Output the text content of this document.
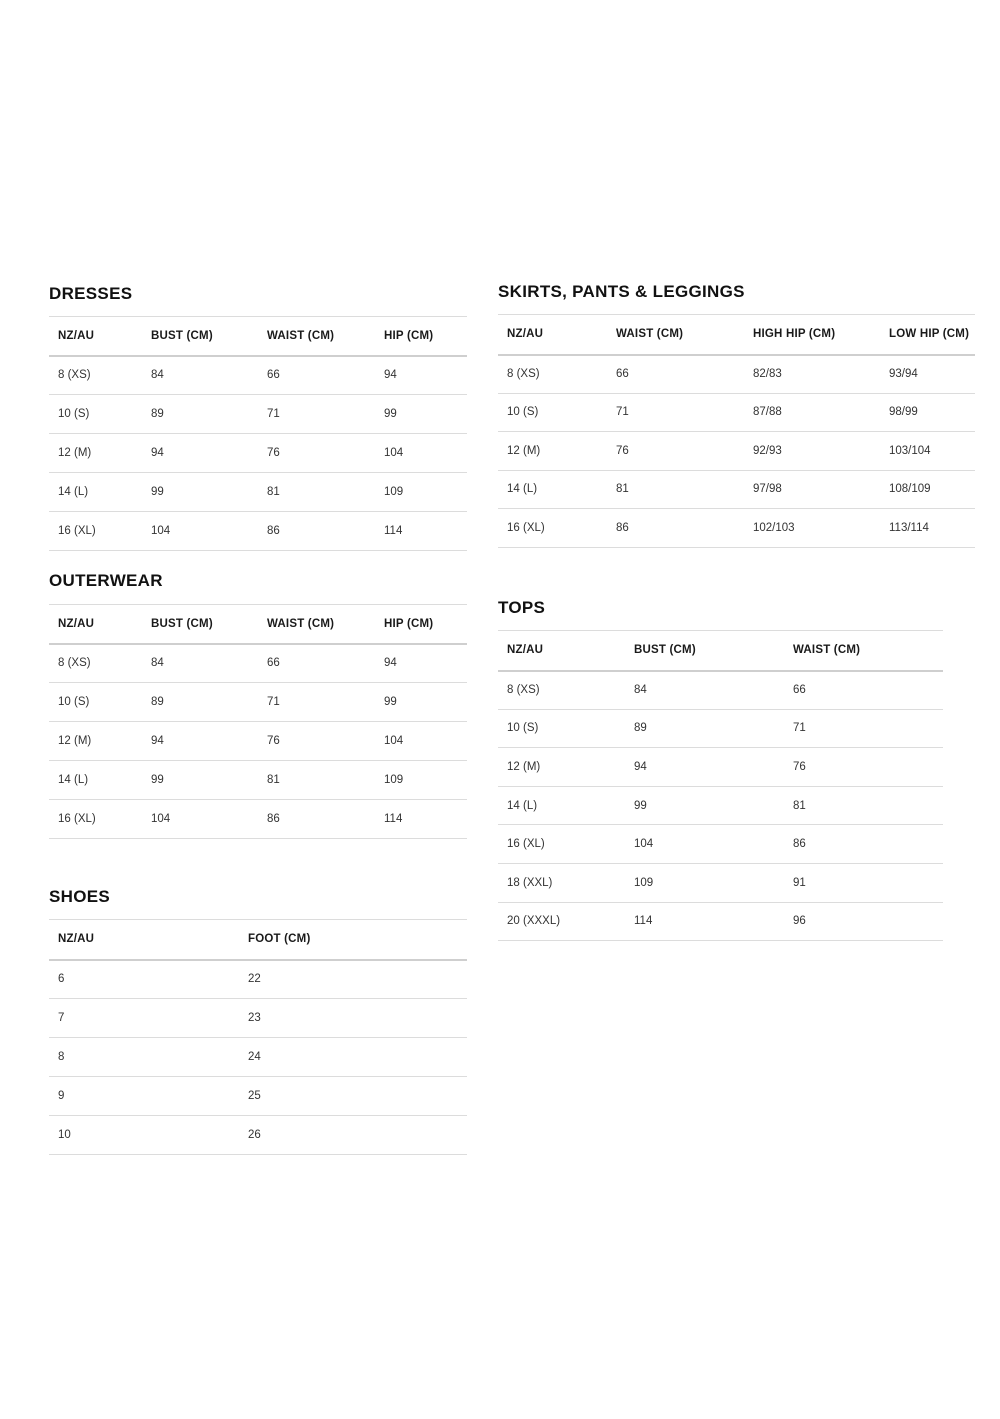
DRESSES
NZ/AU	BUST (CM)	WAIST (CM)	HIP (CM)
8 (XS)	84	66	94
10 (S)	89	71	99
12 (M)	94	76	104
14 (L)	99	81	109
16 (XL)	104	86	114
OUTERWEAR
NZ/AU	BUST (CM)	WAIST (CM)	HIP (CM)
8 (XS)	84	66	94
10 (S)	89	71	99
12 (M)	94	76	104
14 (L)	99	81	109
16 (XL)	104	86	114
SHOES
NZ/AU	FOOT (CM)
6	22
7	23
8	24
9	25
10	26
SKIRTS, PANTS & LEGGINGS
NZ/AU	WAIST (CM)	HIGH HIP (CM)	LOW HIP (CM)
8 (XS)	66	82/83	93/94
10 (S)	71	87/88	98/99
12 (M)	76	92/93	103/104
14 (L)	81	97/98	108/109
16 (XL)	86	102/103	113/114
TOPS
NZ/AU	BUST (CM)	WAIST (CM)
8 (XS)	84	66
10 (S)	89	71
12 (M)	94	76
14 (L)	99	81
16 (XL)	104	86
18 (XXL)	109	91
20 (XXXL)	114	96
